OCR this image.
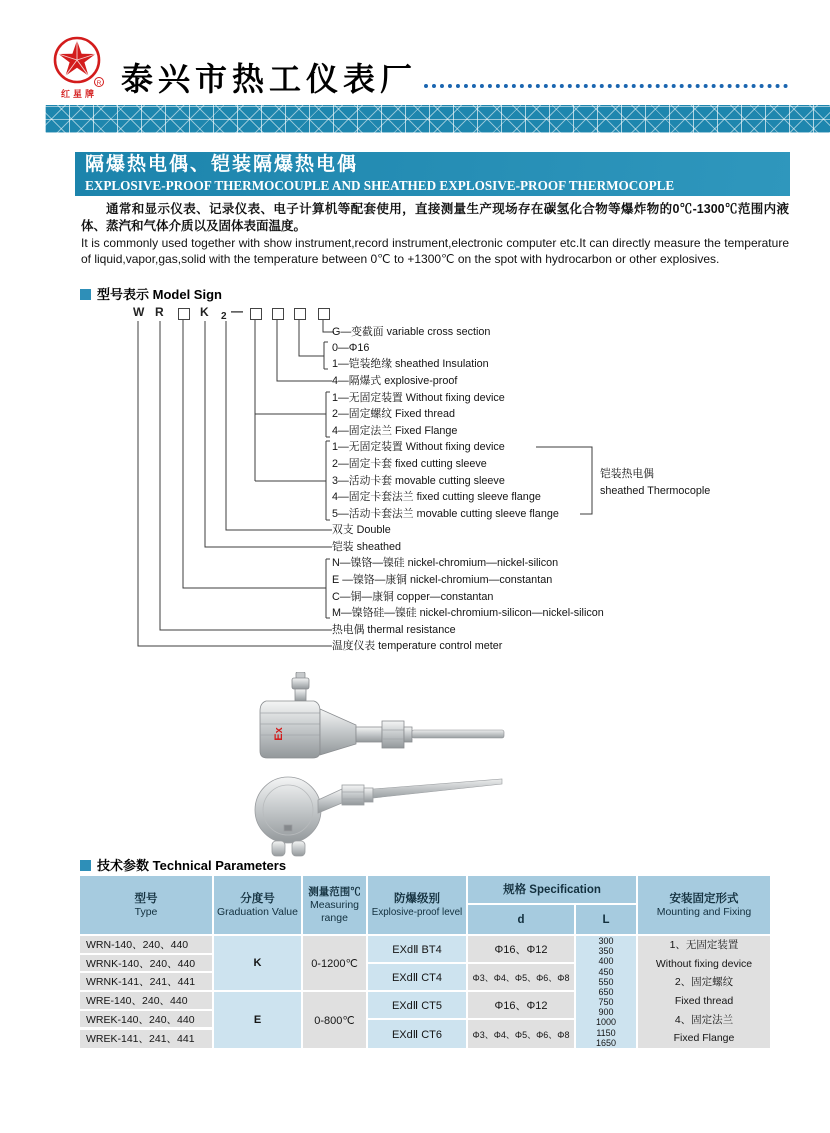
R
红星牌 泰兴市热工仪表厂
隔爆热电偶、铠装隔爆热电偶
EXPLOSIVE-PROOF THERMOCOUPLE AND SHEATHED EXPLOSIVE-PROOF THERMOCOPLE
通常和显示仪表、记录仪表、电子计算机等配套使用，直接测量生产现场存在碳氢化合物等爆炸物的0℃-1300℃范围内液体、蒸汽和气体介质以及固体表面温度。
It is commonly used together with show instrument,record instrument,electronic computer etc.It can directly measure the temperature of liquid,vapor,gas,solid with the temperature between 0℃ to +1300℃ on the spot with hydrocarbon or other explosives.
型号表示 Model Sign
W R	K 2 —
G—变截面 variable cross section
0—Φ16
1—铠装绝缘 sheathed Insulation
4—隔爆式 explosive-proof
1—无固定装置 Without fixing device
2—固定螺纹 Fixed thread
4—固定法兰 Fixed Flange
1—无固定装置 Without fixing device
2—固定卡套 fixed cutting sleeve
3—活动卡套 movable cutting sleeve
4—固定卡套法兰 fixed cutting sleeve flange
5—活动卡套法兰 movable cutting sleeve flange
双支 Double
铠装 sheathed
N—镍铬—镍硅 nickel-chromium—nickel-silicon
E —镍铬—康铜 nickel-chromium—constantan
C—铜—康铜 copper—constantan
M—镍铬硅—镍硅 nickel-chromium-silicon—nickel-silicon
热电偶 thermal resistance
温度仪表 temperature control meter
铠装热电偶
sheathed Thermocople
Ex
技术参数 Technical Parameters
型号
Type
分度号
Graduation Value
测量范围℃
Measuring
range
防爆级别
Explosive-proof level
规格 Specification
d	L
安装固定形式
Mounting and Fixing
WRN-140、240、440
WRNK-140、240、440
WRNK-141、241、441
WRE-140、240、440
WREK-140、240、440
WREK-141、241、441
K
E
0-1200℃
0-800℃
EXdⅡ BT4
EXdⅡ CT4
EXdⅡ CT5
EXdⅡ CT6
Φ16、Φ12
Φ3、Φ4、Φ5、Φ6、Φ8
Φ16、Φ12
Φ3、Φ4、Φ5、Φ6、Φ8
300
350
400
450
550
650
750
900
1000
1150
1650
1、无固定装置
Without fixing device
2、固定螺纹
Fixed thread
4、固定法兰
Fixed Flange
